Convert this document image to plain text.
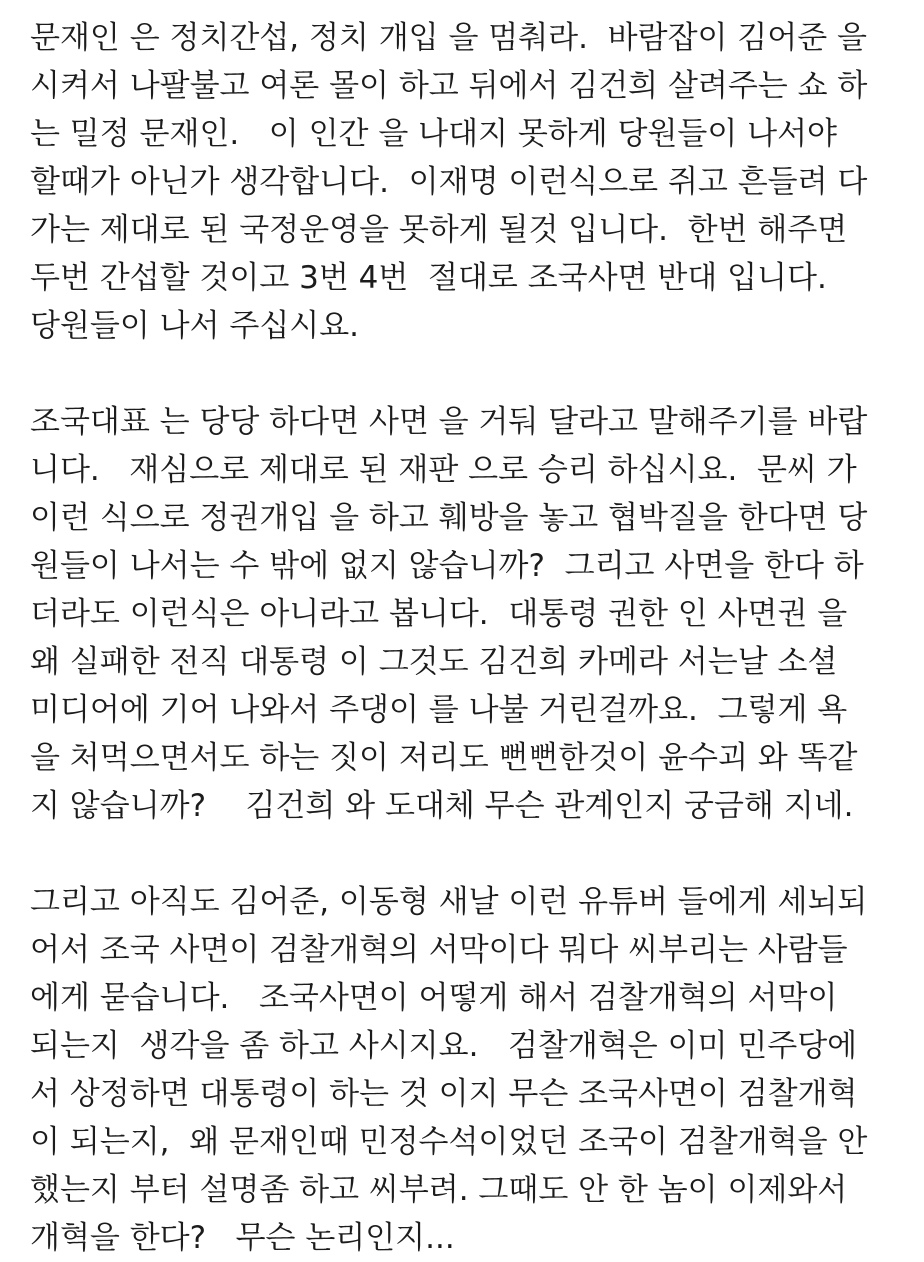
문재인 은 정치간섭, 정치 개입 을 멈춰라.  바람잡이 김어준 을
시켜서 나팔불고 여론 몰이 하고 뒤에서 김건희 살려주는 쇼 하
는 밀정 문재인.   이 인간 을 나대지 못하게 당원들이 나서야
할때가 아닌가 생각합니다.  이재명 이런식으로 쥐고 흔들려 다
가는 제대로 된 국정운영을 못하게 될것 입니다.  한번 해주면
두번 간섭할 것이고 3번 4번  절대로 조국사면 반대 입니다.
당원들이 나서 주십시요.
조국대표 는 당당 하다면 사면 을 거둬 달라고 말해주기를 바랍
니다.   재심으로 제대로 된 재판 으로 승리 하십시요.  문씨 가
이런 식으로 정권개입 을 하고 훼방을 놓고 협박질을 한다면 당
원들이 나서는 수 밖에 없지 않습니까?  그리고 사면을 한다 하
더라도 이런식은 아니라고 봅니다.  대통령 권한 인 사면권 을
왜 실패한 전직 대통령 이 그것도 김건희 카메라 서는날 소셜
미디어에 기어 나와서 주댕이 를 나불 거린걸까요.  그렇게 욕
을 처먹으면서도 하는 짓이 저리도 뻔뻔한것이 윤수괴 와 똑같
지 않습니까?    김건희 와 도대체 무슨 관계인지 궁금해 지네.
그리고 아직도 김어준, 이동형 새날 이런 유튜버 들에게 세뇌되
어서 조국 사면이 검찰개혁의 서막이다 뭐다 씨부리는 사람들
에게 묻습니다.   조국사면이 어떻게 해서 검찰개혁의 서막이
되는지  생각을 좀 하고 사시지요.   검찰개혁은 이미 민주당에
서 상정하면 대통령이 하는 것 이지 무슨 조국사면이 검찰개혁
이 되는지,  왜 문재인때 민정수석이었던 조국이 검찰개혁을 안
했는지 부터 설명좀 하고 씨부려. 그때도 안 한 놈이 이제와서
개혁을 한다?   무슨 논리인지...
